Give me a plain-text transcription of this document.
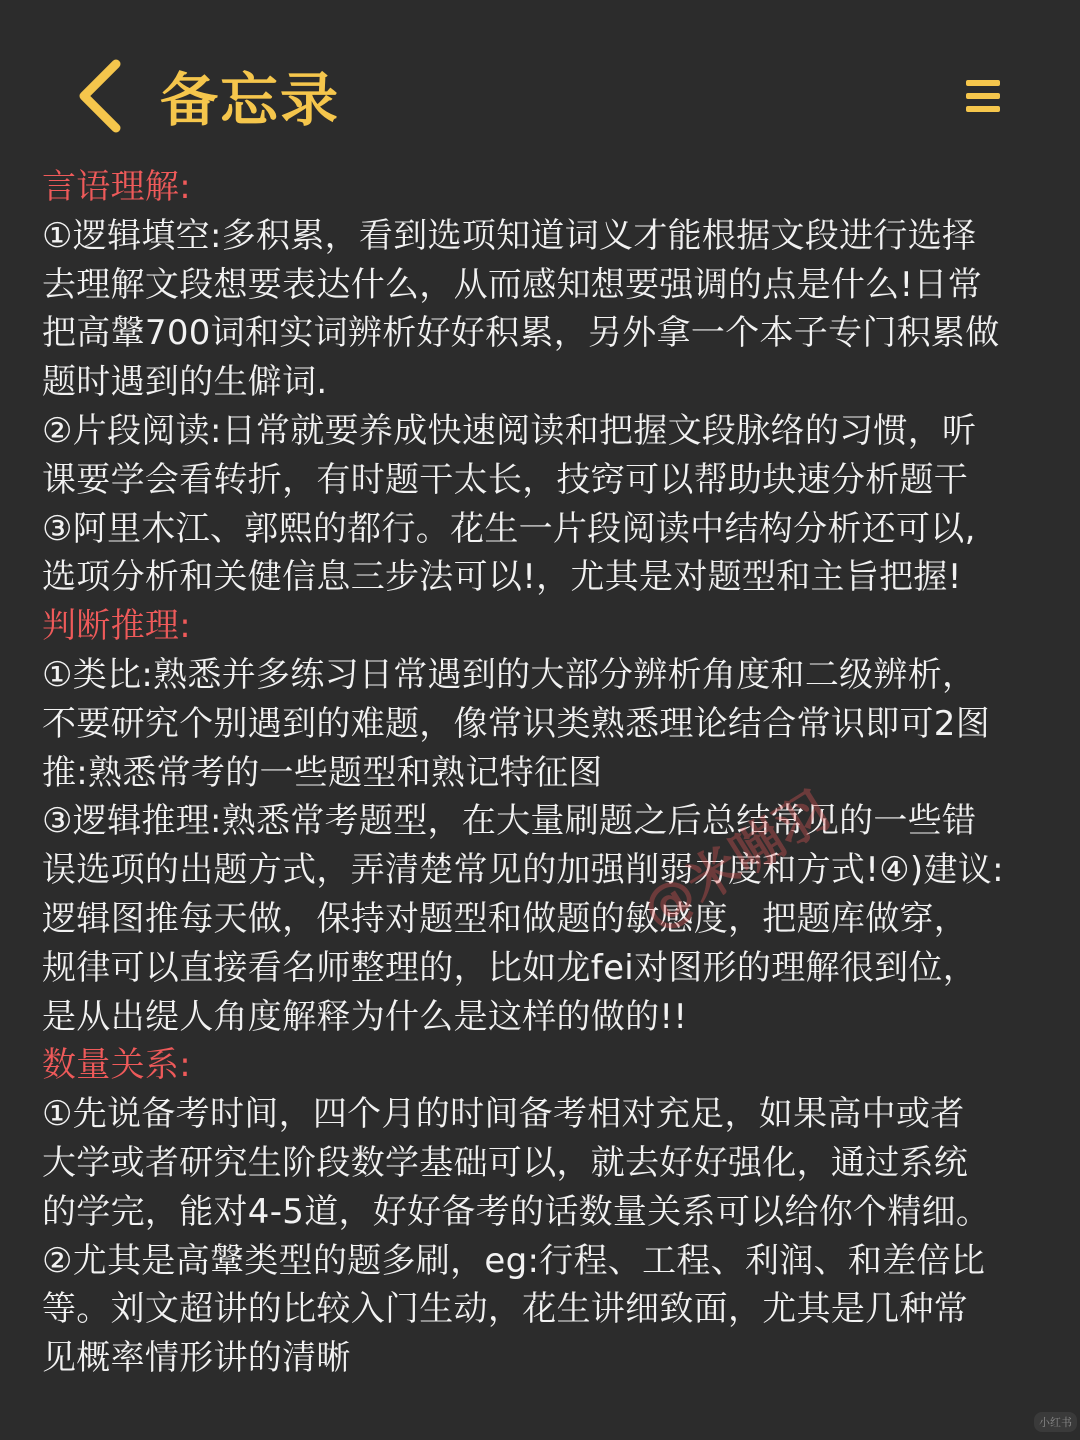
备忘录
言语理解:
①逻辑填空:多积累，看到选项知道词义才能根据文段进行选择
去理解文段想要表达什么，从而感知想要强调的点是什么!日常
把高鞶700词和实词辨析好好积累，另外拿一个本子专门积累做
题时遇到的生僻词.
②片段阅读:日常就要养成快速阅读和把握文段脉络的习惯，听
课要学会看转折，有时题干太长，技窍可以帮助块速分析题干
③阿里木江、郭熙的都行。花生一片段阅读中结构分析还可以,
选项分析和关健信息三步法可以!，尤其是对题型和主旨把握!
判断推理:
①类比:熟悉并多练习日常遇到的大部分辨析角度和二级辨析，
不要研究个别遇到的难题，像常识类熟悉理论结合常识即可2图
推:熟悉常考的一些题型和熟记特征图
③逻辑推理:熟悉常考题型，在大量刷题之后总结常见的一些错
误选项的出题方式，弄清楚常见的加强削弱力度和方式!④)建议:
逻辑图推每天做，保持对题型和做题的敏感度，把题库做穿，
规律可以直接看名师整理的，比如龙fei对图形的理解很到位，
是从出缇人角度解释为什么是这样的做的!!
数量关系:
①先说备考时间，四个月的时间备考相对充足，如果高中或者
大学或者研究生阶段数学基础可以，就去好好强化，通过系统
的学完，能对4-5道，好好备考的话数量关系可以给你个精细。
②尤其是高鞶类型的题多刷，eg:行程、工程、利润、和差倍比
等。刘文超讲的比较入门生动，花生讲细致面，尤其是几种常
见概率情形讲的清晰
@米嘣羽
小红书
